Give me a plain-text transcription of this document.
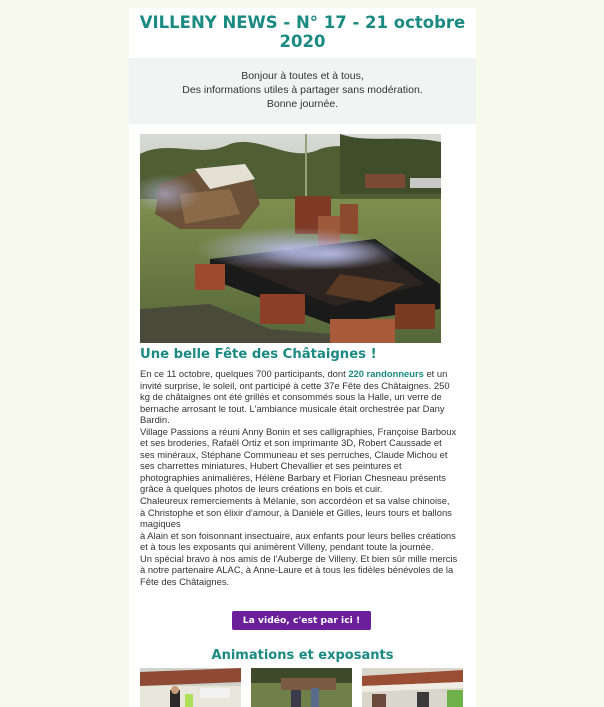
VILLENY NEWS - N° 17 - 21 octobre 2020
Bonjour à toutes et à tous,
Des informations utiles à partager sans modération.
Bonne journée.
Une belle Fête des Châtaignes !

En ce 11 octobre, quelques 700 participants, dont 220 randonneurs et un invité surprise, le soleil, ont participé à cette 37e Fête des Châtaignes. 250 kg de châtaignes ont été grillés et consommés sous la Halle, un verre de bernache arrosant le tout. L'ambiance musicale était orchestrée par Dany Bardin.

Village Passions a réuni Anny Bonin et ses calligraphies, Françoise Barboux et ses broderies, Rafaël Ortiz et son imprimante 3D, Robert Caussade et ses minéraux, Stéphane Communeau et ses perruches, Claude Michou et ses charrettes miniatures, Hubert Chevallier et ses peintures et photographies animalières, Hélène Barbary et Florian Chesneau présents grâce à quelques photos de leurs créations en bois et cuir.

Chaleureux remerciements à Mélanie, son accordéon et sa valse chinoise,

à Christophe et son élixir d'amour, à Danièle et Gilles, leurs tours et ballons magiques

à Alain et son foisonnant insectuaire, aux enfants pour leurs belles créations et à tous les exposants qui animèrent Villeny, pendant toute la journée.

Un spécial bravo à nos amis de l'Auberge de Villeny. Et bien sûr mille mercis à notre partenaire ALAC, à Anne-Laure et à tous les fidèles bénévoles de la Fête des Châtaignes.

La vidéo, c'est par ici !
Animations et exposants
